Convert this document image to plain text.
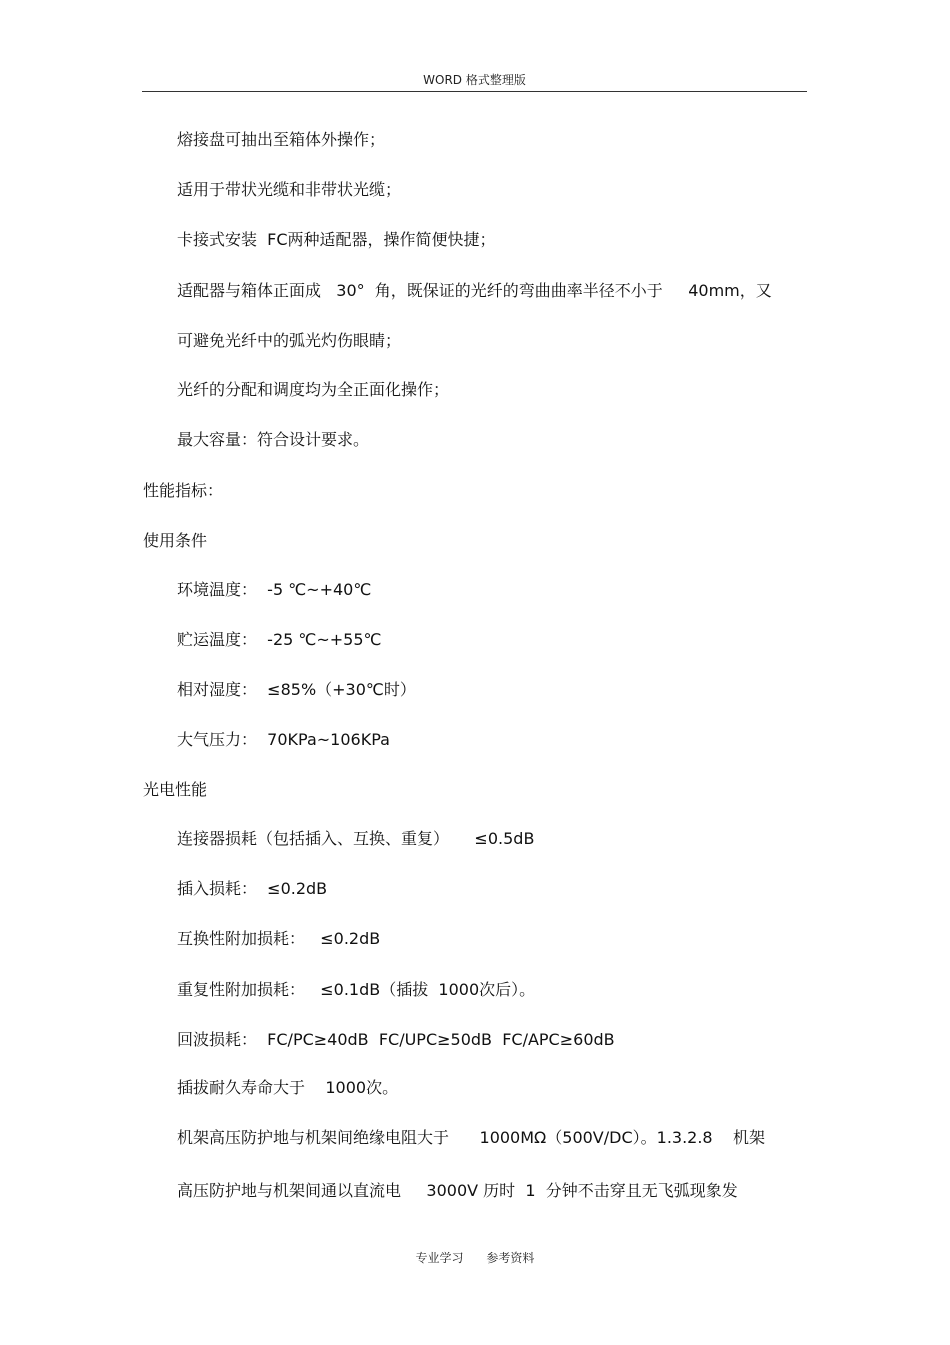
WORD 格式整理版
熔接盘可抽出至箱体外操作；
适用于带状光缆和非带状光缆；
卡接式安装  FC两种适配器，操作简便快捷；
适配器与箱体正面成   30°  角，既保证的光纤的弯曲曲率半径不小于     40mm，又
可避免光纤中的弧光灼伤眼睛；
光纤的分配和调度均为全正面化操作；
最大容量：符合设计要求。
性能指标：
使用条件
环境温度：  -5 ℃~+40℃
贮运温度：  -25 ℃~+55℃
相对湿度：  ≤85%（+30℃时）
大气压力：  70KPa~106KPa
光电性能
连接器损耗（包括插入、互换、重复）     ≤0.5dB
插入损耗：  ≤0.2dB
互换性附加损耗：   ≤0.2dB
重复性附加损耗：   ≤0.1dB（插拔  1000次后）。
回波损耗：  FC/PC≥40dB  FC/UPC≥50dB  FC/APC≥60dB
插拔耐久寿命大于    1000次。
机架高压防护地与机架间绝缘电阻大于      1000MΩ（500V/DC）。1.3.2.8    机架
高压防护地与机架间通以直流电     3000V 历时  1  分钟不击穿且无飞弧现象发
专业学习      参考资料
